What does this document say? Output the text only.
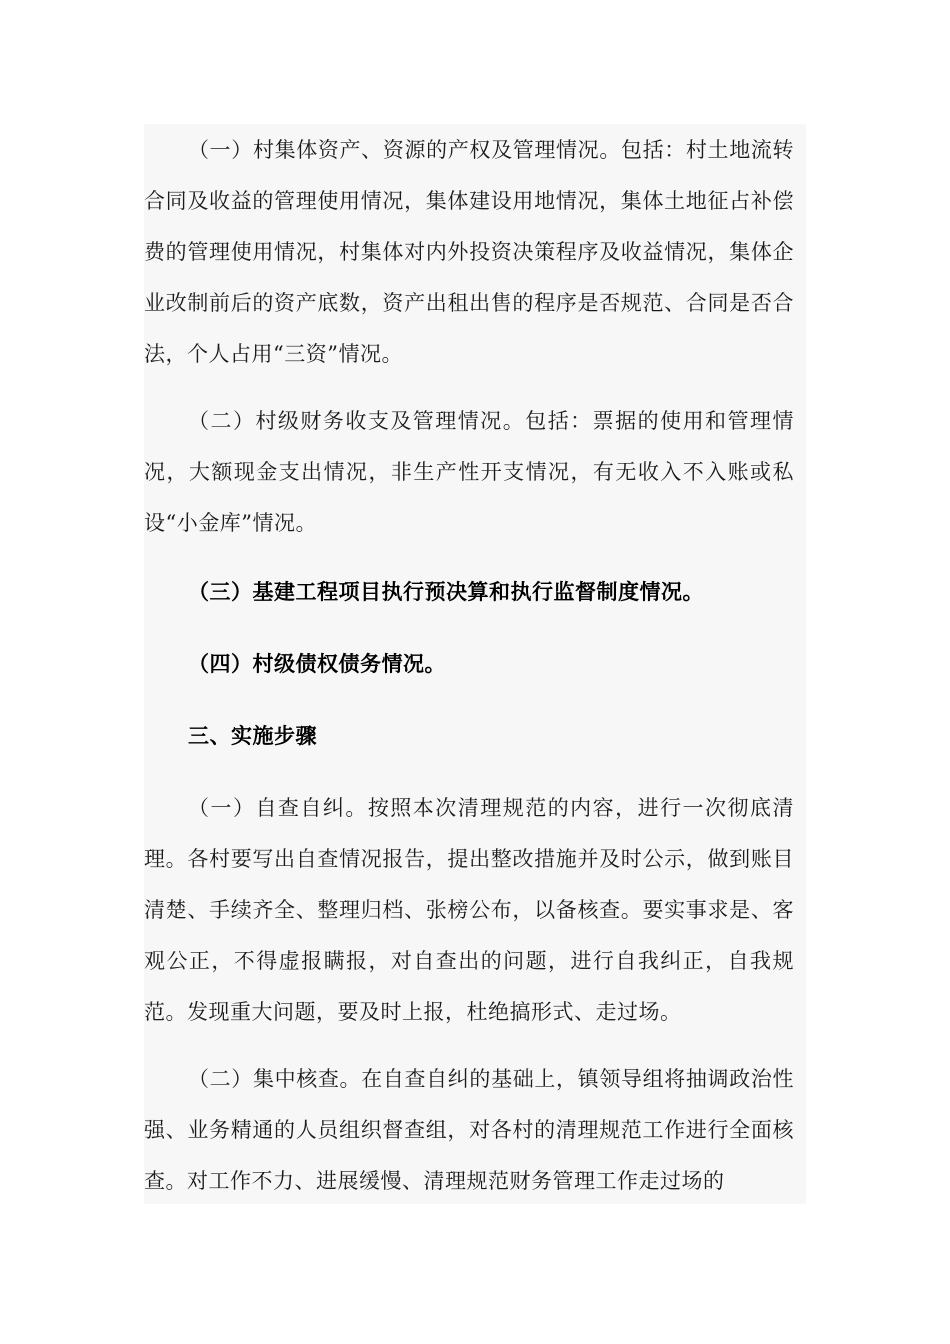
（一）村集体资产、资源的产权及管理情况。包括：村土地流转合同及收益的管理使用情况，集体建设用地情况，集体土地征占补偿费的管理使用情况，村集体对内外投资决策程序及收益情况，集体企业改制前后的资产底数，资产出租出售的程序是否规范、合同是否合法，个人占用“三资”情况。

（二）村级财务收支及管理情况。包括：票据的使用和管理情况，大额现金支出情况，非生产性开支情况，有无收入不入账或私设“小金库”情况。

（三）基建工程项目执行预决算和执行监督制度情况。

（四）村级债权债务情况。

三、实施步骤

（一）自查自纠。按照本次清理规范的内容，进行一次彻底清理。各村要写出自查情况报告，提出整改措施并及时公示，做到账目清楚、手续齐全、整理归档、张榜公布，以备核查。要实事求是、客观公正，不得虚报瞒报，对自查出的问题，进行自我纠正，自我规范。发现重大问题，要及时上报，杜绝搞形式、走过场。

（二）集中核查。在自查自纠的基础上，镇领导组将抽调政治性强、业务精通的人员组织督查组，对各村的清理规范工作进行全面核查。对工作不力、进展缓慢、清理规范财务管理工作走过场的
